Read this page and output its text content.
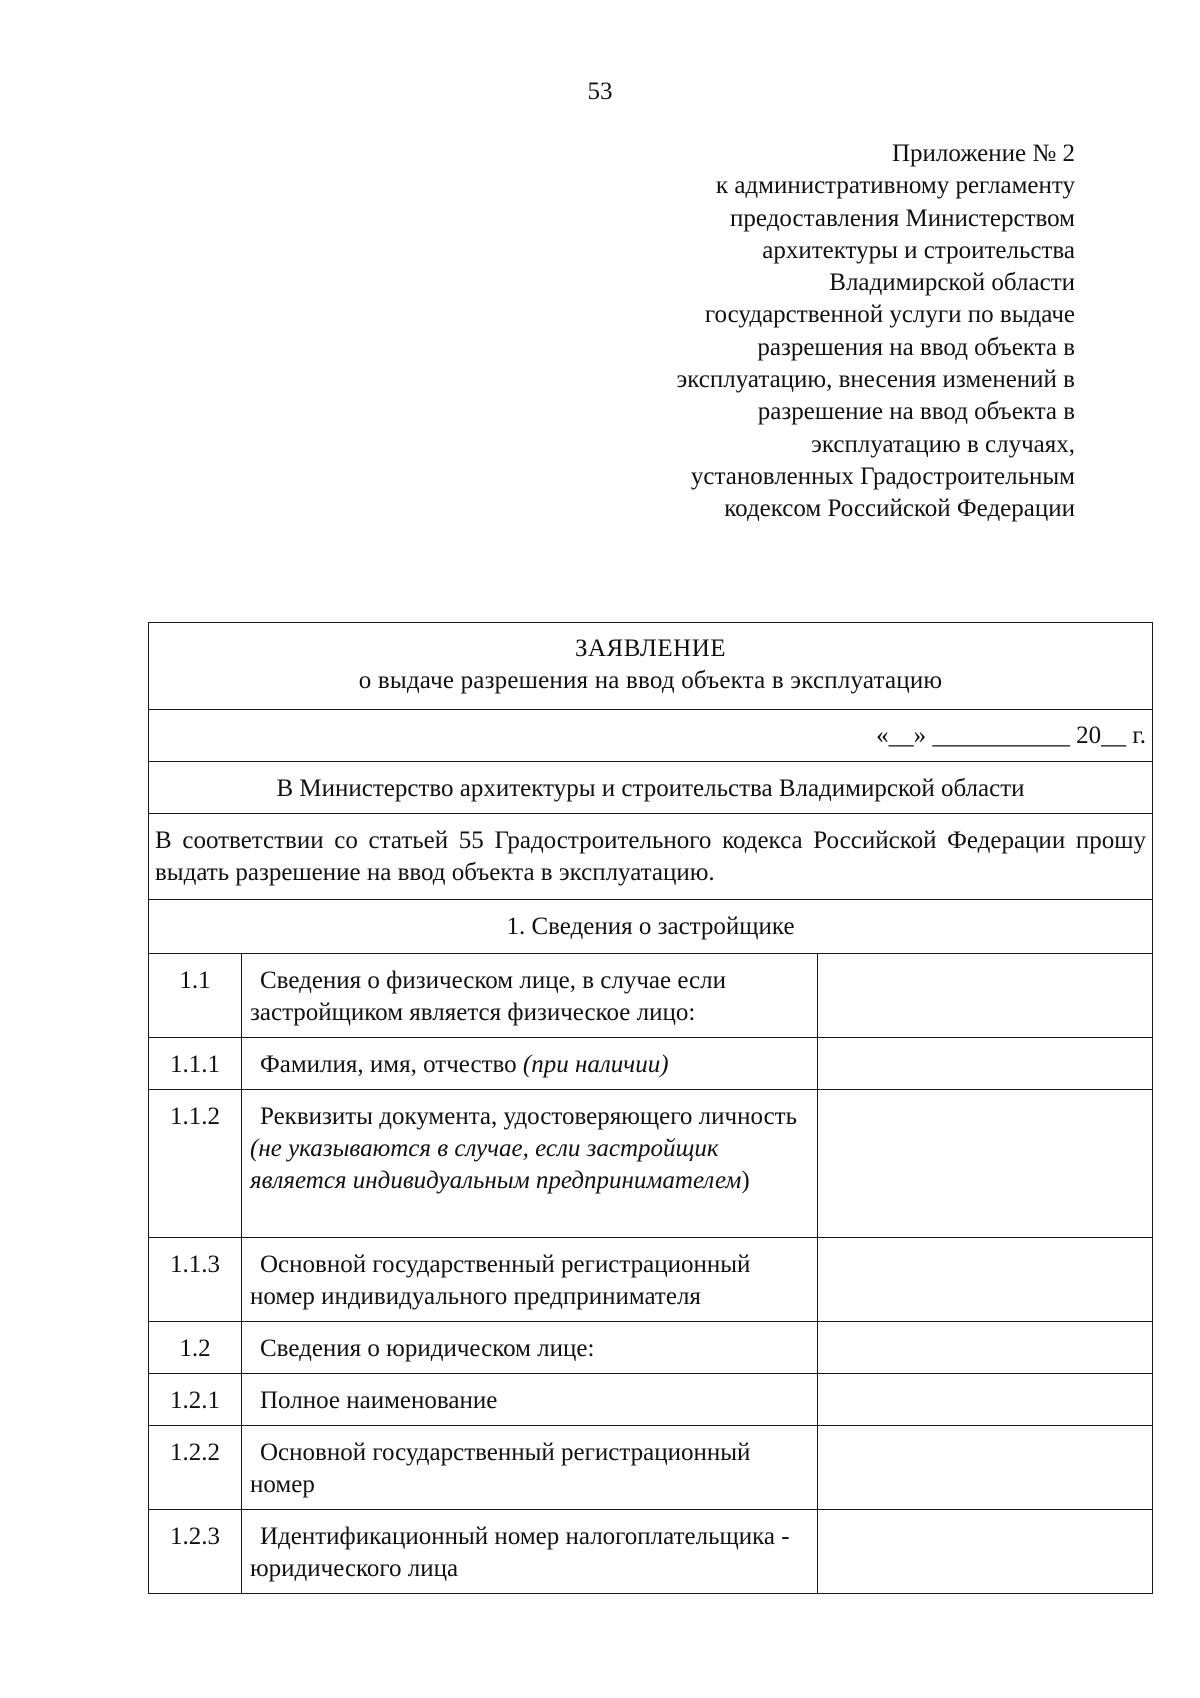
53
Приложение № 2
к административному регламенту
предоставления Министерством
архитектуры и строительства
Владимирской области
государственной услуги по выдаче
разрешения на ввод объекта в
эксплуатацию, внесения изменений в
разрешение на ввод объекта в
эксплуатацию в случаях,
установленных Градостроительным
кодексом Российской Федерации
ЗАЯВЛЕНИЕ
о выдаче разрешения на ввод объекта в эксплуатацию		

«__» ___________ 20__ г.		
В Министерство архитектуры и строительства Владимирской области		
В соответствии со статьей 55 Градостроительного кодекса Российской Федерации прошу выдать разрешение на ввод объекта в эксплуатацию.		
1. Сведения о застройщике		
1.1	Сведения о физическом лице, в случае если застройщиком является физическое лицо:	
1.1.1	Фамилия, имя, отчество (при наличии)	
1.1.2	Реквизиты документа, удостоверяющего личность (не указываются в случае, если застройщик является индивидуальным предпринимателем)	
1.1.3	Основной государственный регистрационный номер индивидуального предпринимателя	
1.2	Сведения о юридическом лице:	
1.2.1	Полное наименование	
1.2.2	Основной государственный регистрационный номер	
1.2.3	Идентификационный номер налогоплательщика - юридического лица	
